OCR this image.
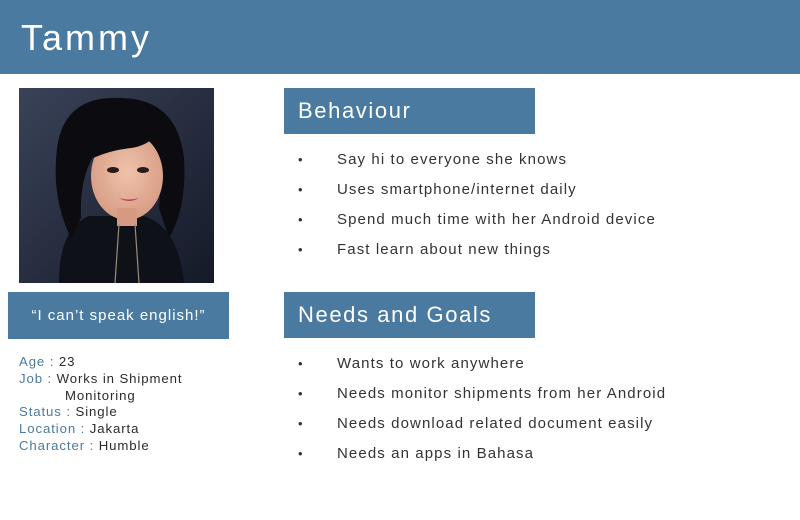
Tammy
“I can’t speak english!”
Age : 23
Job : Works in Shipment
Monitoring
Status : Single
Location : Jakarta
Character : Humble
Behaviour
• Say hi to everyone she knows
• Uses smartphone/internet daily
• Spend much time with her Android device
• Fast learn about new things
Needs and Goals
• Wants to work anywhere
• Needs monitor shipments from her Android
• Needs download related document easily
• Needs an apps in Bahasa
